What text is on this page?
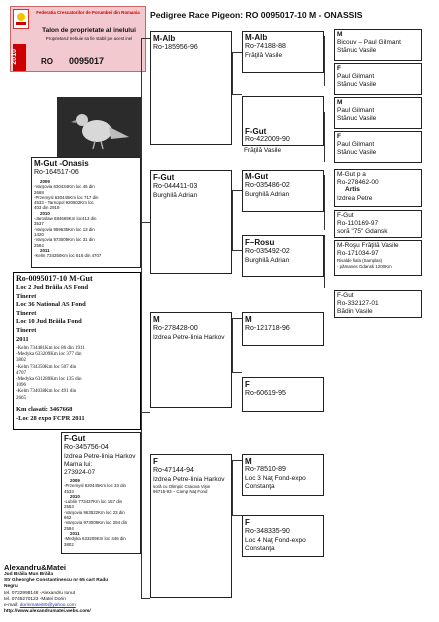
Pedigree Race Pigeon: RO 0095017-10 M - ONASSIS
Federatia Crescatorilor de Porumbei din Romania
Talon de proprietate al inelului
Proprietarul trebuie sa fie stabil pe acest inel
2010	RO 0095017
Ro-0095017-10 M-Gut
Loc 2 Jud Brăila AS Fond
Tineret
Loc 36 National AS Fond
Tineret
Loc 10 Jud Brăila Fond
Tineret
2011
-Kelm 734481Km loc 86 din 1911
-Medyka 633209Km loc 377 din
3802
-Kelm 734350Km loc 507 din
4707
-Medyka 631280Km loc 135 din
1096
-Kelm 734038Km loc 491 din
2665
Km clasati: 3467668
-Loc 28 expo FCPR 2011
M-Gut -Onasis
Ro-164517-06
2009
-Varşovia 630434Km loc 46 din
2668
-Przemysl 630445Km loc 717 din
4533 - Tarnopol 920502Km loc
403 din 2919
2010
-Jaroslaw 684669Km loc413 din
3537
-Varşovia 959635Km loc 13 din
1420
-Varşovia 973009Km loc 31 din
2584
2011
-Kelm 734350Km loc 616 din 4707
F-Gut
Ro-345756-04
Izdrea Petre-linia Harkov
Mama lui:
273924-07
2009
-Przemysl 630445Km loc 33 din
4533
2010
-Lublin 773437Km loc 157 din
2553
-Varşovia 963522Km loc 23 din
662
-Varşovia 973009Km loc 294 din
2584
2011
-Medyka 633209Km loc 446 din
3802
M-Alb
Ro-185956-96
F-Gut
Ro-044411-03
Burghilă Adrian
M
Ro-278428-00
Izdrea Petre-linia Harkov
F
Ro-47144-94
Izdrea Petre-linia Harkov
soră cu Olimpic Craiova Vişin
95715-93 – Camp Naţ Fond
M-Alb
Ro-74188-88
Frăţilă Vasile
F-Gut
Ro-422009-90
Frăţilă Vasile
M-Gut
Ro-035486-02
Burghilă Adrian
F–Rosu
Ro-035492-02
Burghilă Adrian
M
Ro-121718-96
F
Ro-60619-95
M
Ro-78510-89
Loc 3 Naţ Fond-expo Constanţa
F
Ro-348335-90
Loc 4 Naţ Fond-expo Constanţa
M
Bicouv – Paul Gilmant
Stănuc Vasile
F
Paul Gilmant
Stănuc Vasile
M
Paul Gilmant
Stănuc Vasile
F
Paul Gilmant
Stănuc Vasile
M-Gut p a
Ro-278462-00
Artis
Izdrea Petre
F-Gut
Ro-110169-97
soră "75" Gdansk
M-Roşu Frăţilă Vasile
Ro-171034-97
Rivalde fiala (Samplas)
- pămanes Gdansk 1200Km
F-Gut
Ro-332127-01
Bădin Vasile
Alexandru&Matei
Jud Brăila Mun Brăila
Str Gheorghe Constantinescu nr 65 cart Radu
Negru
tel. 0722998148 -Alexandru Ionut
tel. 0745270123 -Matei Dorin
e-mail: dorinmatei80@yahoo.com
http://www.alexandrumatei.webs.com/
